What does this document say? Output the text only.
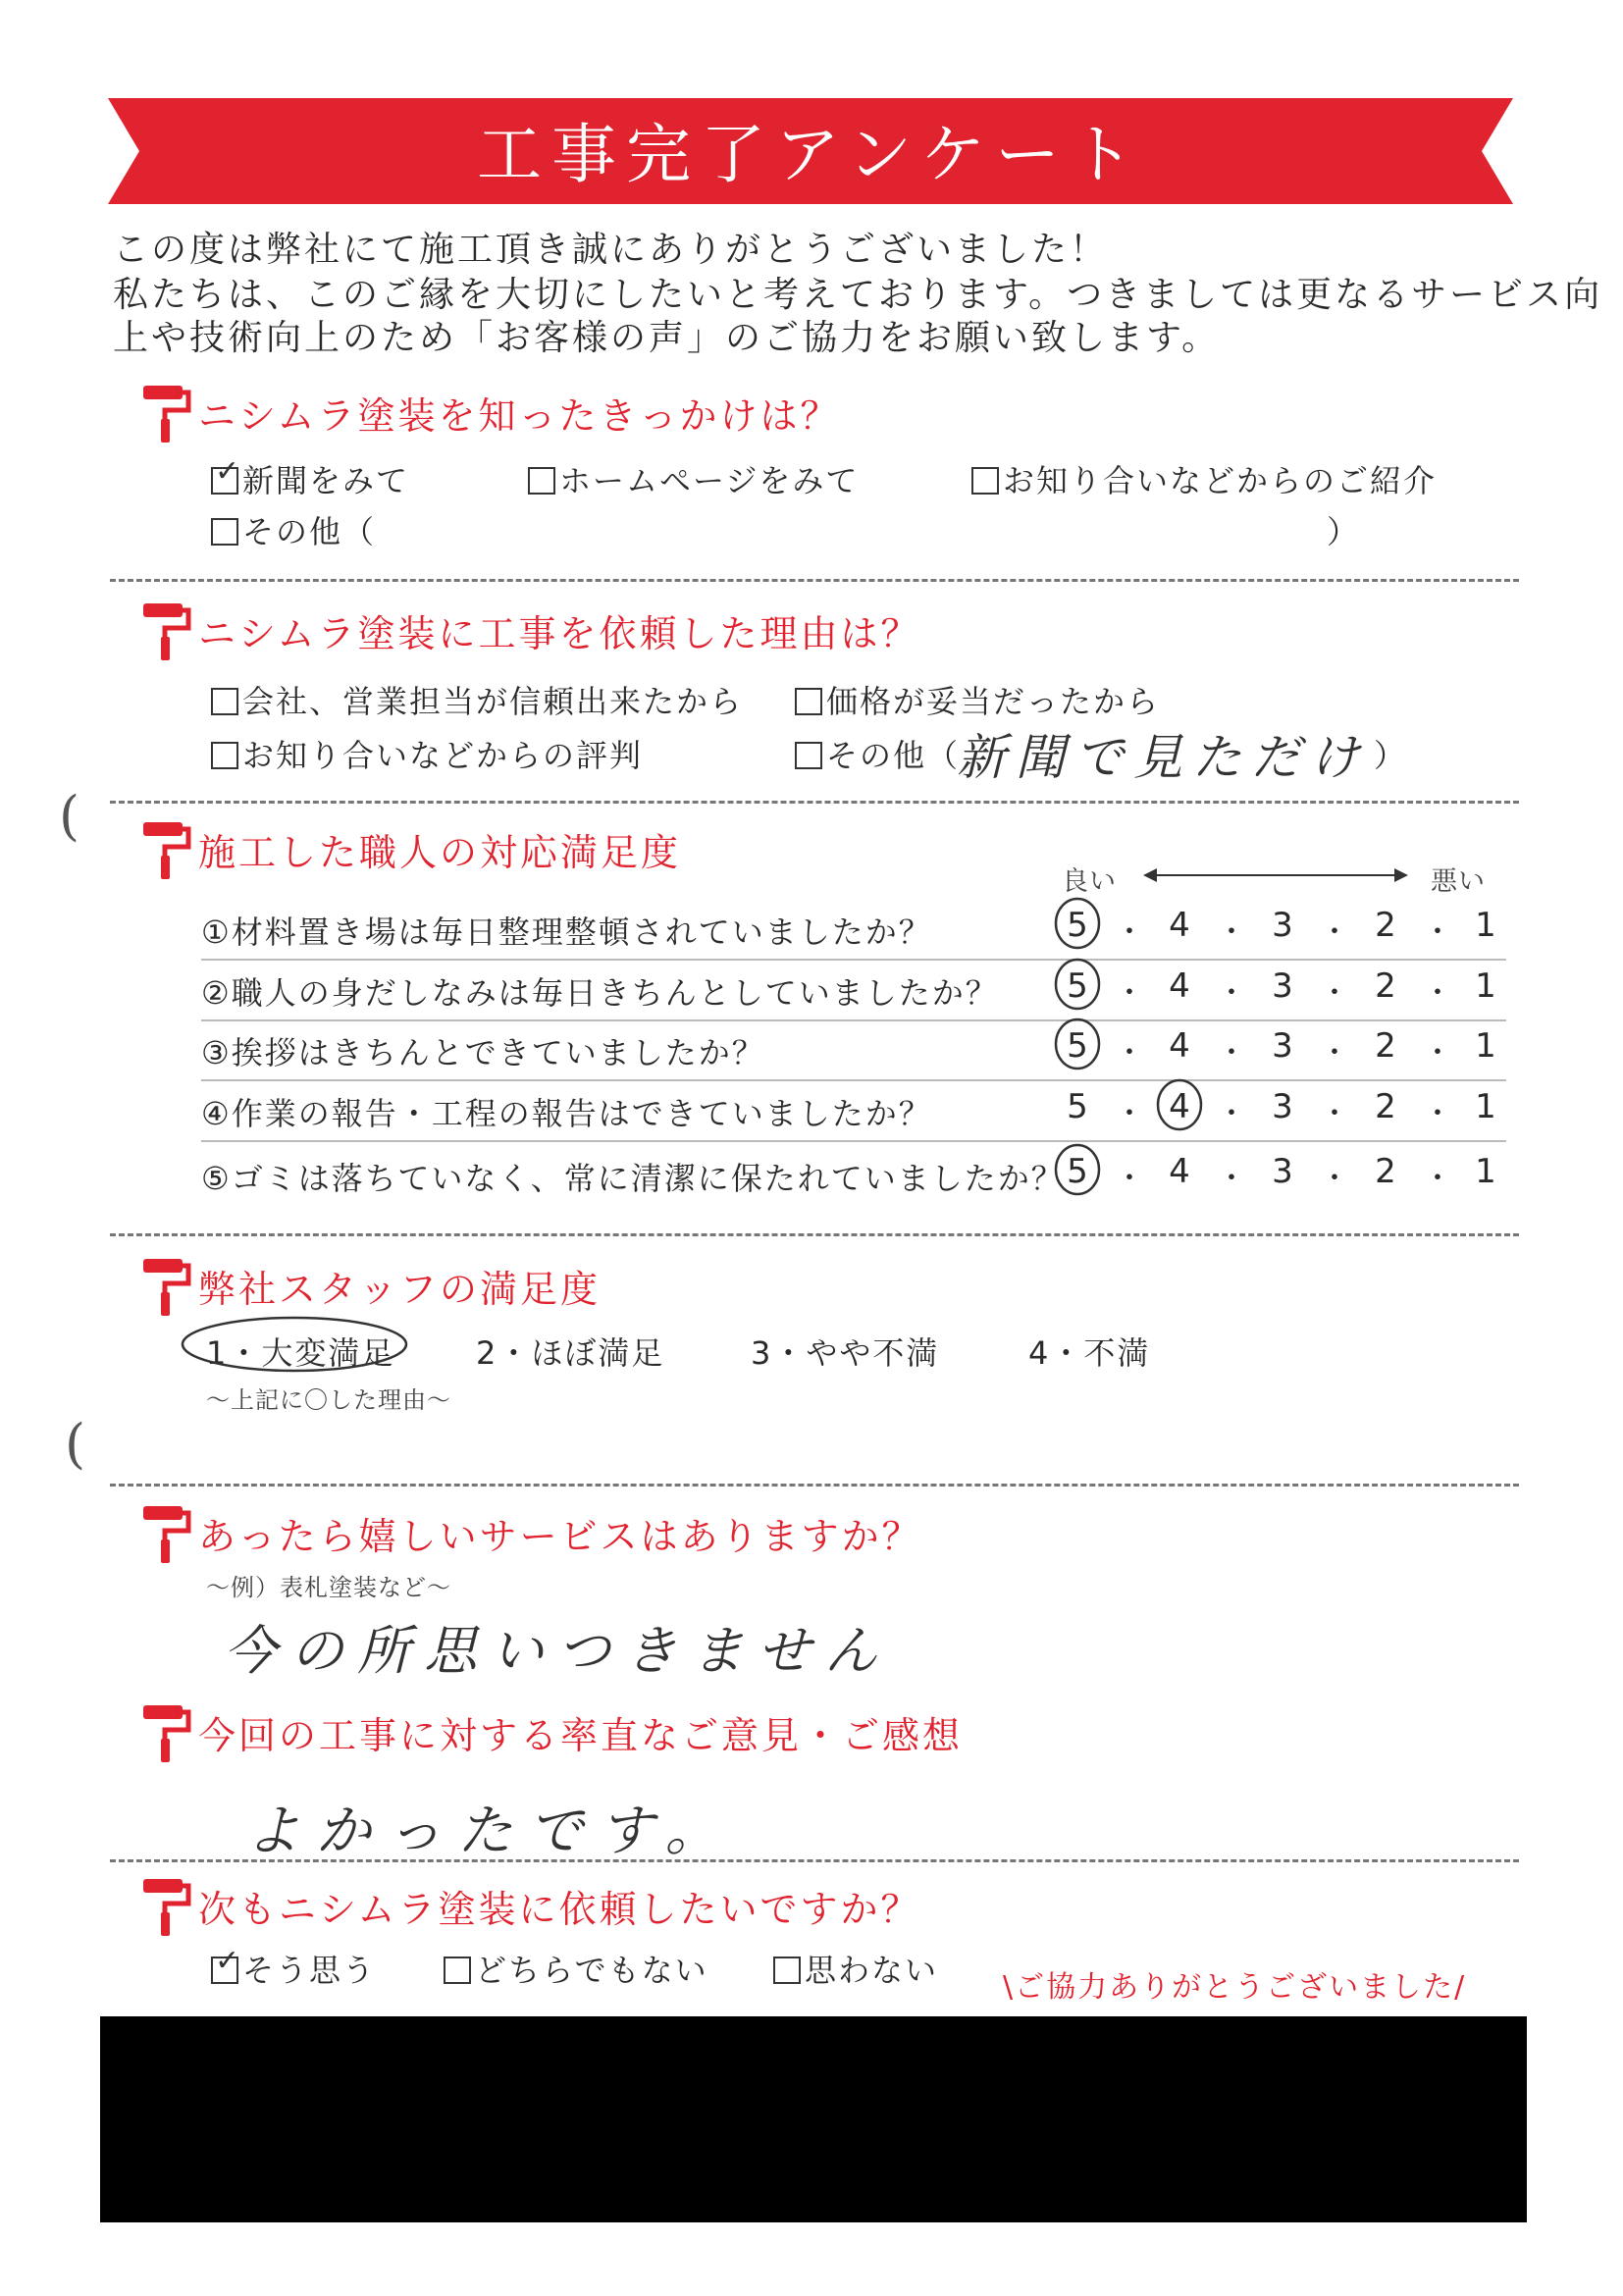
工事完了アンケート
この度は弊社にて施工頂き誠にありがとうございました！
私たちは、このご縁を大切にしたいと考えております。つきましては更なるサービス向
上や技術向上のため「お客様の声」のご協力をお願い致します。
ニシムラ塗装を知ったきっかけは？
✓ 新聞をみて	ホームページをみて	お知り合いなどからのご紹介
その他（	）
ニシムラ塗装に工事を依頼した理由は？
会社、営業担当が信頼出来たから	価格が妥当だったから
お知り合いなどからの評判	その他（
新聞で見ただけ ）
(
施工した職人の対応満足度
良い	悪い
①材料置き場は毎日整理整頓されていましたか？	5 ・ 4 ・ 3 ・ 2 ・ 1
②職人の身だしなみは毎日きちんとしていましたか？ 5 ・ 4 ・ 3 ・ 2 ・ 1
③挨拶はきちんとできていましたか？	5 ・ 4 ・ 3 ・ 2 ・ 1
④作業の報告・工程の報告はできていましたか？	5 ・ 4 ・ 3 ・ 2 ・ 1
⑤ゴミは落ちていなく、常に清潔に保たれていましたか？ 5 ・ 4 ・ 3 ・ 2 ・ 1
弊社スタッフの満足度
1・大変満足	2・ほぼ満足	3・やや不満	4・不満
〜上記に〇した理由〜
(
あったら嬉しいサービスはありますか？
〜例）表札塗装など〜
今の所思いつきません
今回の工事に対する率直なご意見・ご感想
よかったです。
次もニシムラ塗装に依頼したいですか？
✓ そう思う	どちらでもない	思わない \ご協力ありがとうございました/
